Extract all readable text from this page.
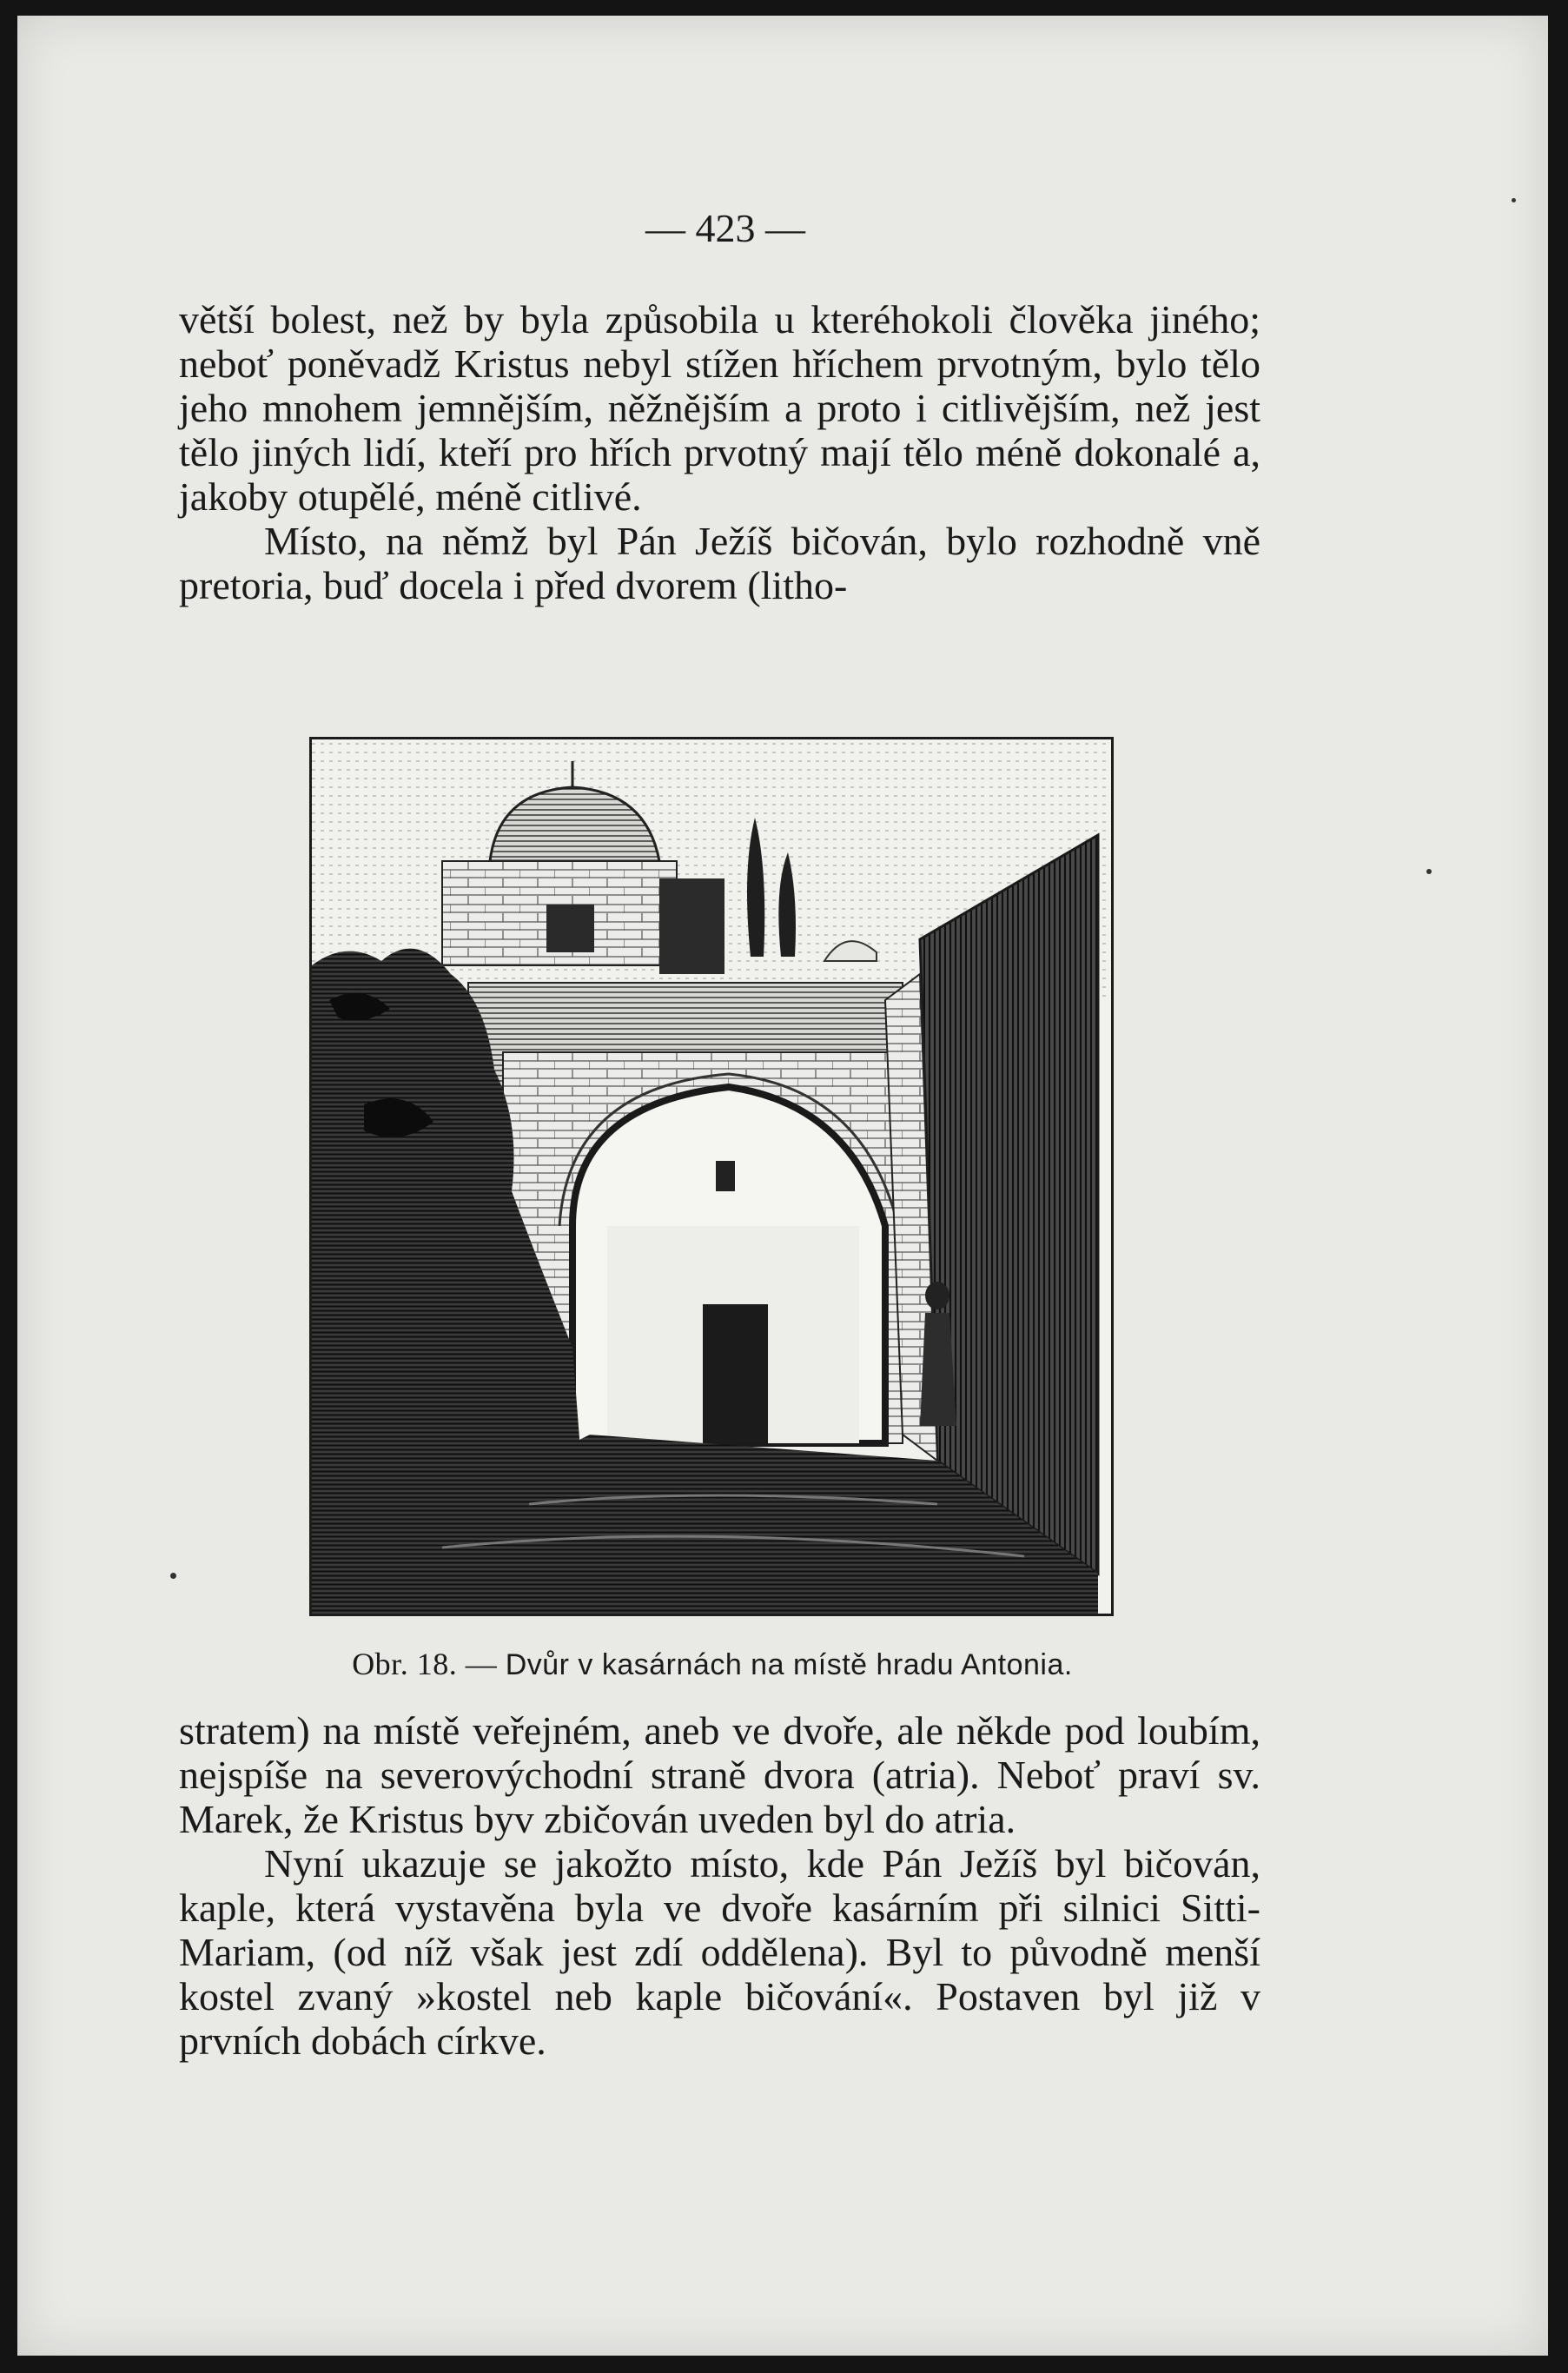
— 423 —

větší bolest, než by byla způsobila u kteréhokoli člověka jiného; neboť poněvadž Kristus nebyl stížen hříchem prvotným, bylo tělo jeho mnohem jemnějším, něžnějším a proto i citlivějším, než jest tělo jiných lidí, kteří pro hřích prvotný mají tělo méně dokonalé a, jakoby otupělé, méně citlivé.

Místo, na němž byl Pán Ježíš bičován, bylo rozhodně vně pretoria, buď docela i před dvorem (litho-

Obr. 18. — Dvůr v kasárnách na místě hradu Antonia.

stratem) na místě veřejném, aneb ve dvoře, ale někde pod loubím, nejspíše na severovýchodní straně dvora (atria). Neboť praví sv. Marek, že Kristus byv zbičován uveden byl do atria.

Nyní ukazuje se jakožto místo, kde Pán Ježíš byl bičován, kaple, která vystavěna byla ve dvoře kasárním při silnici Sitti-Mariam, (od níž však jest zdí oddělena). Byl to původně menší kostel zvaný »kostel neb kaple bičování«. Postaven byl již v prvních dobách církve.
